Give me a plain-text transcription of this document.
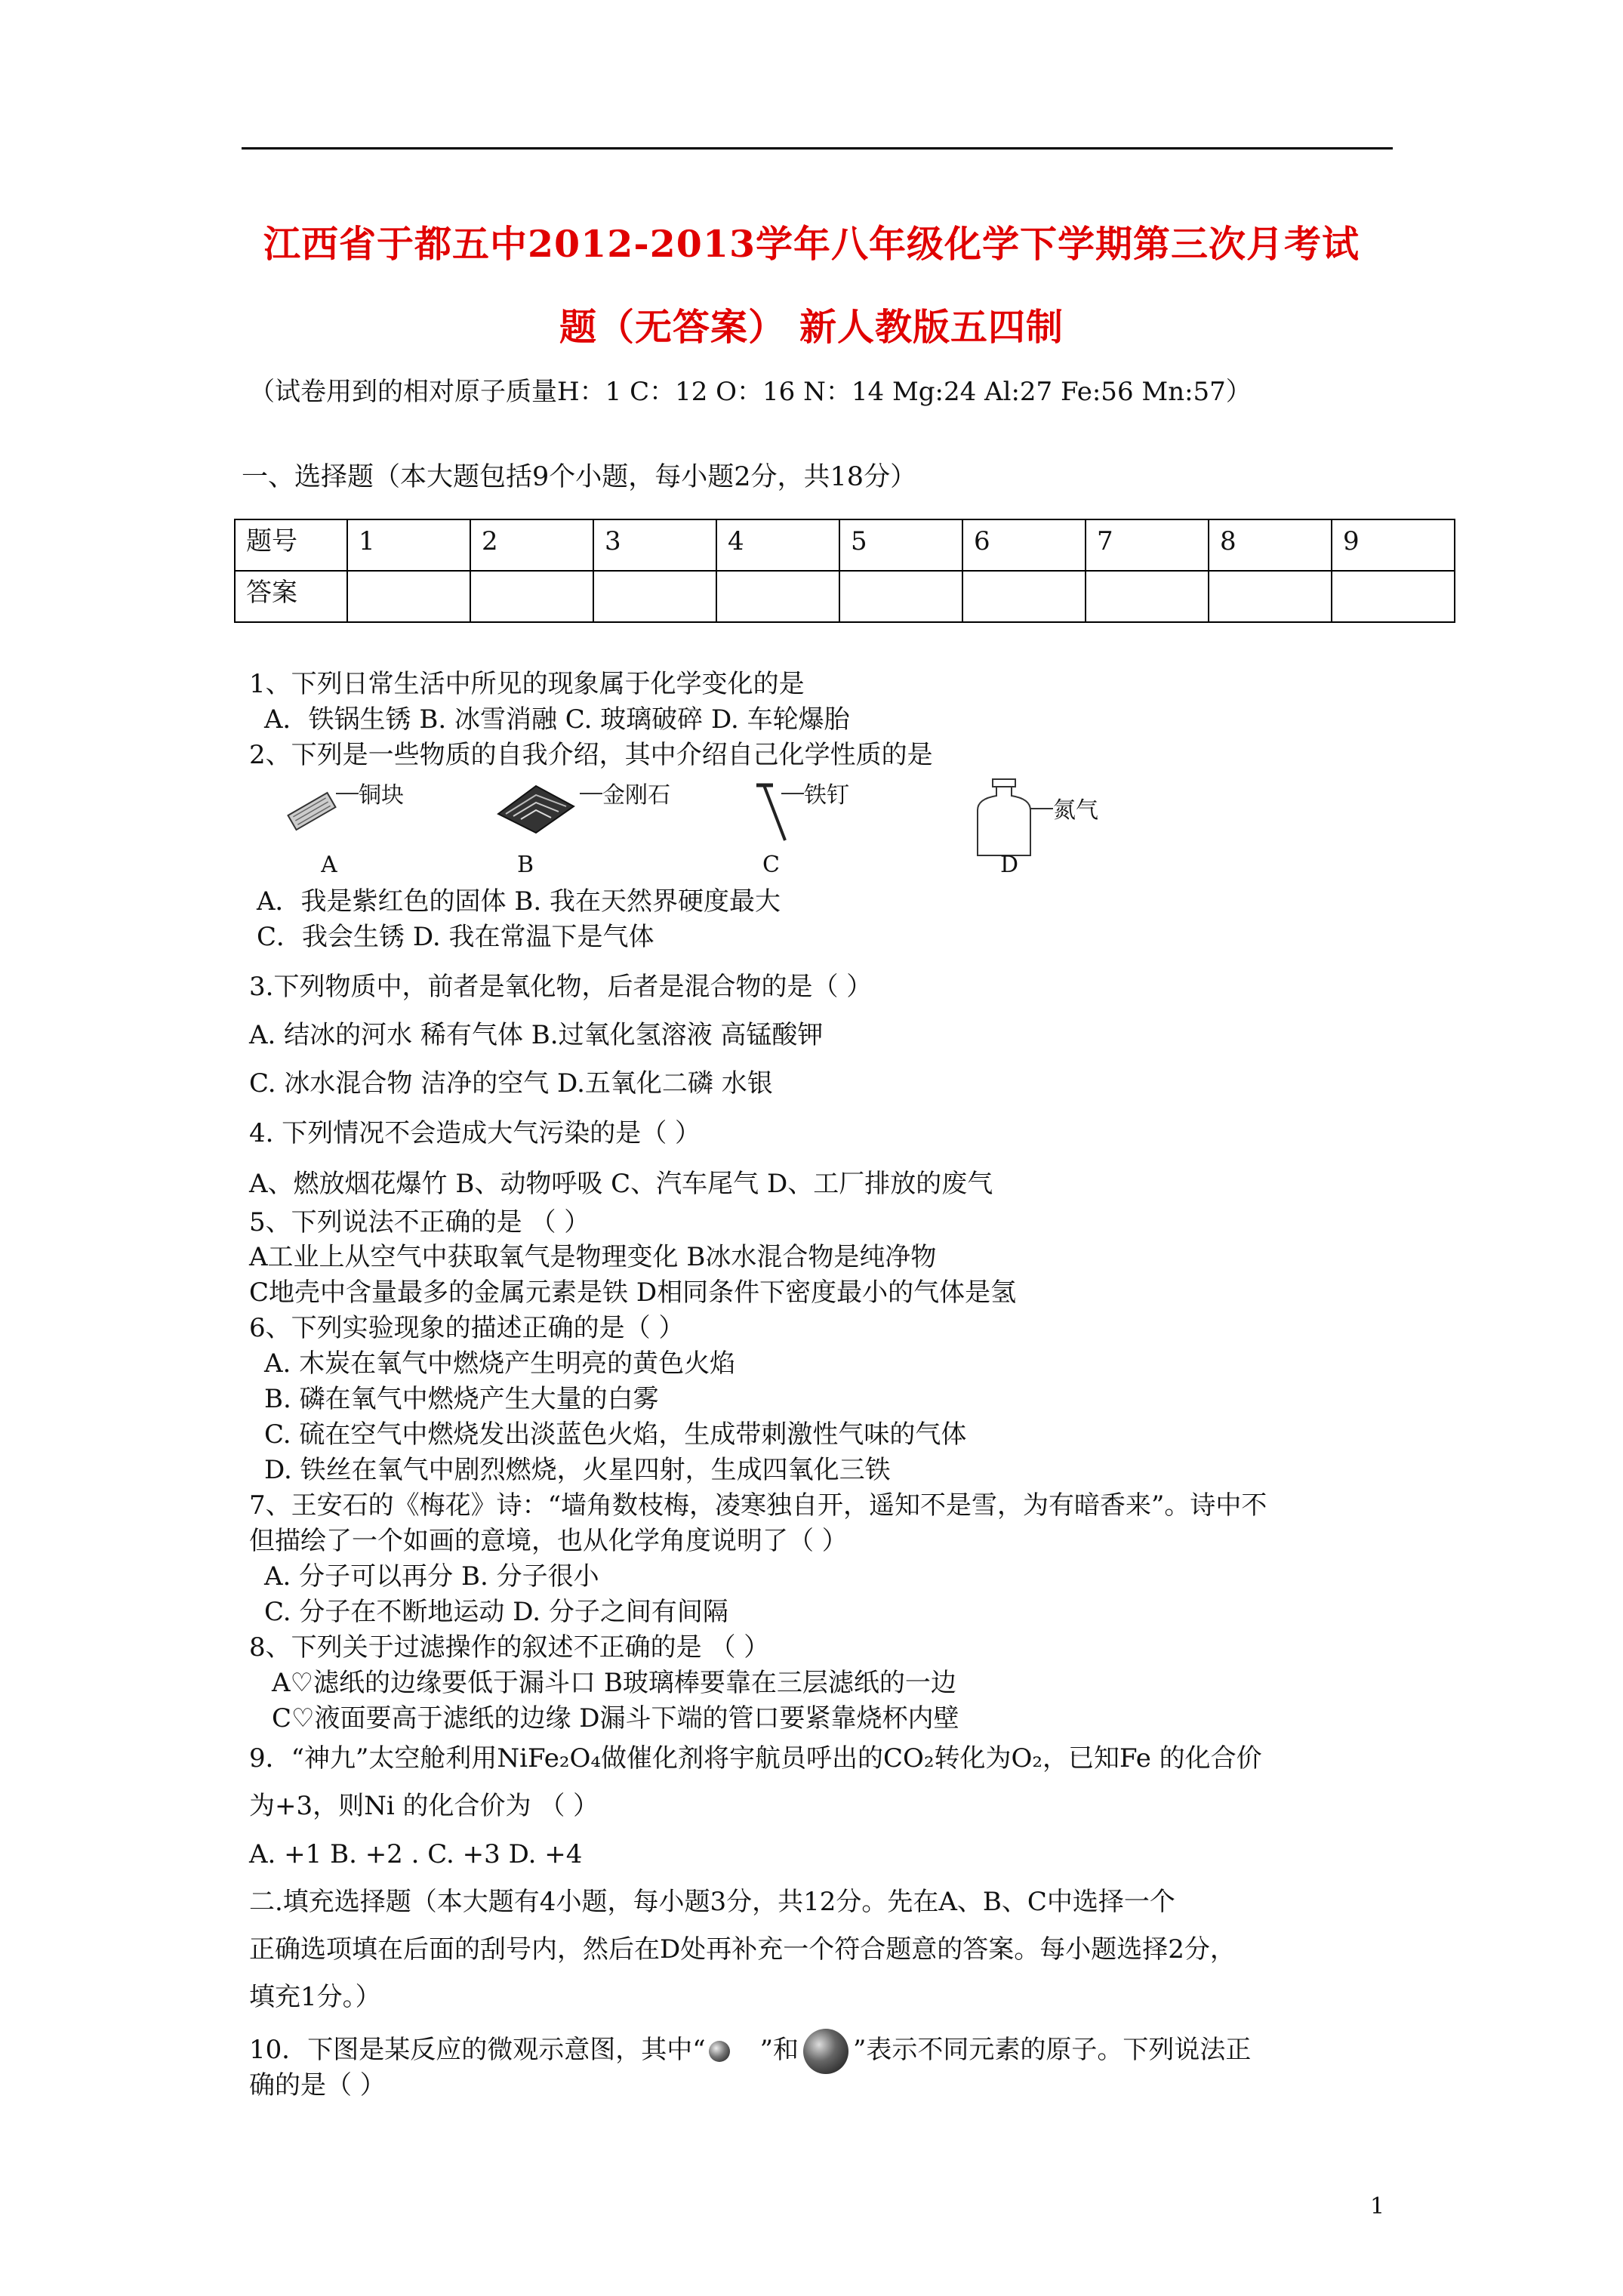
江西省于都五中2012-2013学年八年级化学下学期第三次月考试
题（无答案） 新人教版五四制
（试卷用到的相对原子质量H：1 C：12 O：16 N：14 Mg:24 Al:27 Fe:56 Mn:57）
一、选择题（本大题包括9个小题，每小题2分，共18分）
题号	1	2	3	4	5	6	7	8	9
答案									
1、下列日常生活中所见的现象属于化学变化的是
A．铁锅生锈 B. 冰雪消融 C. 玻璃破碎 D. 车轮爆胎
2、下列是一些物质的自我介绍，其中介绍自己化学性质的是
铜块	金刚石	铁钉
氮气
A	B	C	D
A．我是紫红色的固体 B. 我在天然界硬度最大
C．我会生锈 D. 我在常温下是气体
3.下列物质中，前者是氧化物，后者是混合物的是（ ）
A. 结冰的河水 稀有气体 B.过氧化氢溶液 高锰酸钾
C. 冰水混合物 洁净的空气 D.五氧化二磷 水银
4. 下列情况不会造成大气污染的是（ ）
A、燃放烟花爆竹 B、动物呼吸 C、汽车尾气 D、工厂排放的废气
5、下列说法不正确的是 （ ）
A工业上从空气中获取氧气是物理变化 B冰水混合物是纯净物
C地壳中含量最多的金属元素是铁 D相同条件下密度最小的气体是氢
6、下列实验现象的描述正确的是（ ）
A. 木炭在氧气中燃烧产生明亮的黄色火焰
B. 磷在氧气中燃烧产生大量的白雾
C. 硫在空气中燃烧发出淡蓝色火焰，生成带刺激性气味的气体
D. 铁丝在氧气中剧烈燃烧，火星四射，生成四氧化三铁
7、王安石的《梅花》诗：“墙角数枝梅，凌寒独自开，遥知不是雪，为有暗香来”。诗中不
但描绘了一个如画的意境，也从化学角度说明了（ ）
A. 分子可以再分 B. 分子很小
C. 分子在不断地运动 D. 分子之间有间隔
8、下列关于过滤操作的叙述不正确的是 （ ）
A♡滤纸的边缘要低于漏斗口 B玻璃棒要靠在三层滤纸的一边
C♡液面要高于滤纸的边缘 D漏斗下端的管口要紧靠烧杯内壁
9．“神九”太空舱利用NiFe₂O₄做催化剂将宇航员呼出的CO₂转化为O₂，已知Fe 的化合价
为+3，则Ni 的化合价为 （ ）
A. +1 B. +2 . C. +3 D. +4
二.填充选择题（本大题有4小题，每小题3分，共12分。先在A、B、C中选择一个
正确选项填在后面的刮号内，然后在D处再补充一个符合题意的答案。每小题选择2分，
填充1分。）
10．下图是某反应的微观示意图，其中“ ”和 ”表示不同元素的原子。下列说法正
确的是（ ）
1
